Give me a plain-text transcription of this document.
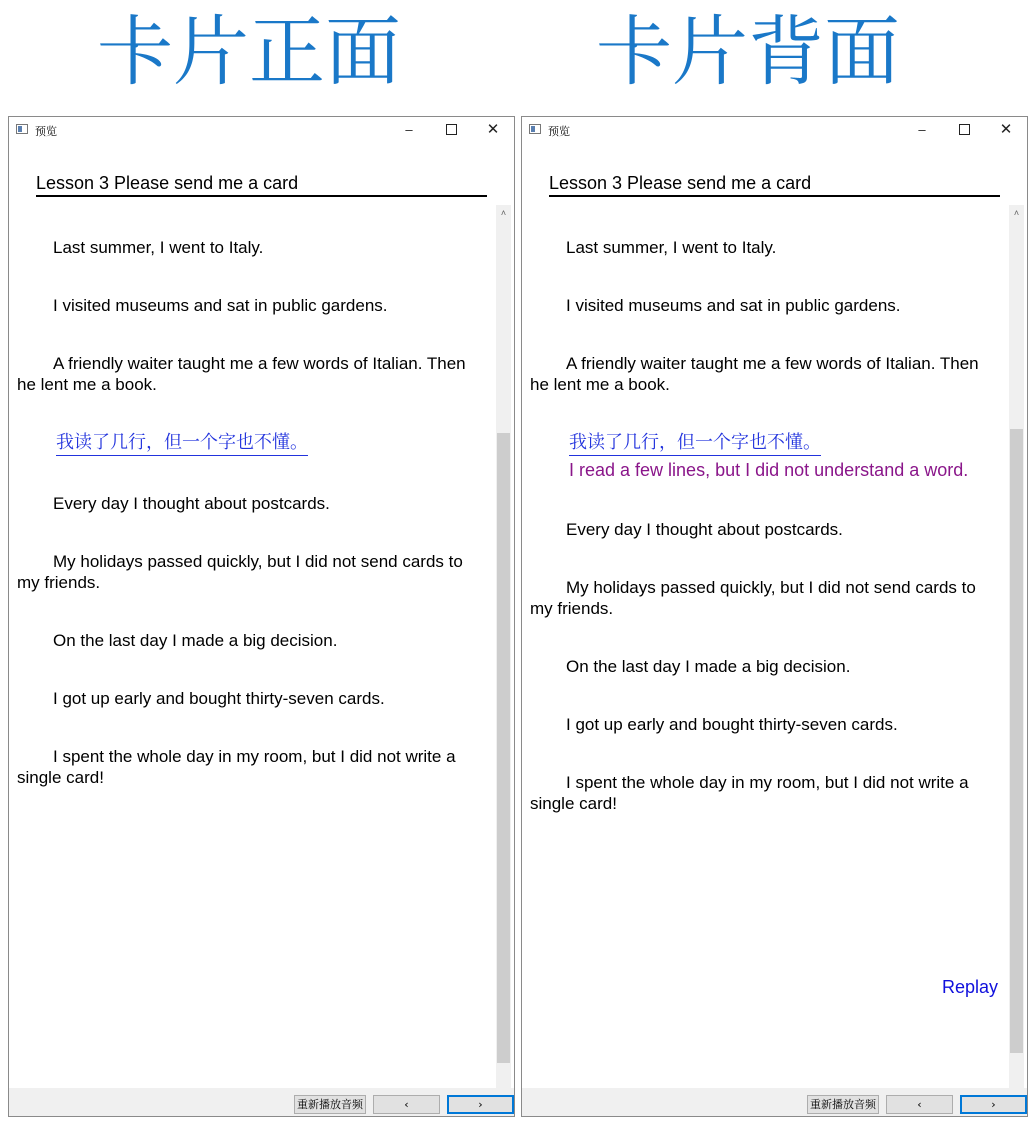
卡片正面	卡片背面
预览	–	✕
Lesson 3 Please send me a card

Last summer, I went to Italy.

I visited museums and sat in public gardens.

A friendly waiter taught me a few words of Italian. Then he lent me a book.

我读了几行，但一个字也不懂。

Every day I thought about postcards.

My holidays passed quickly, but I did not send cards to my friends.

On the last day I made a big decision.

I got up early and bought thirty-seven cards.

I spent the whole day in my room, but I did not write a single card!

˄
重新播放音频	‹	›
预览	–	✕
Lesson 3 Please send me a card

Last summer, I went to Italy.

I visited museums and sat in public gardens.

A friendly waiter taught me a few words of Italian. Then he lent me a book.

我读了几行，但一个字也不懂。
I read a few lines, but I did not understand a word.

Every day I thought about postcards.

My holidays passed quickly, but I did not send cards to my friends.

On the last day I made a big decision.

I got up early and bought thirty-seven cards.

I spent the whole day in my room, but I did not write a single card!

Replay
˄
重新播放音频	‹	›
